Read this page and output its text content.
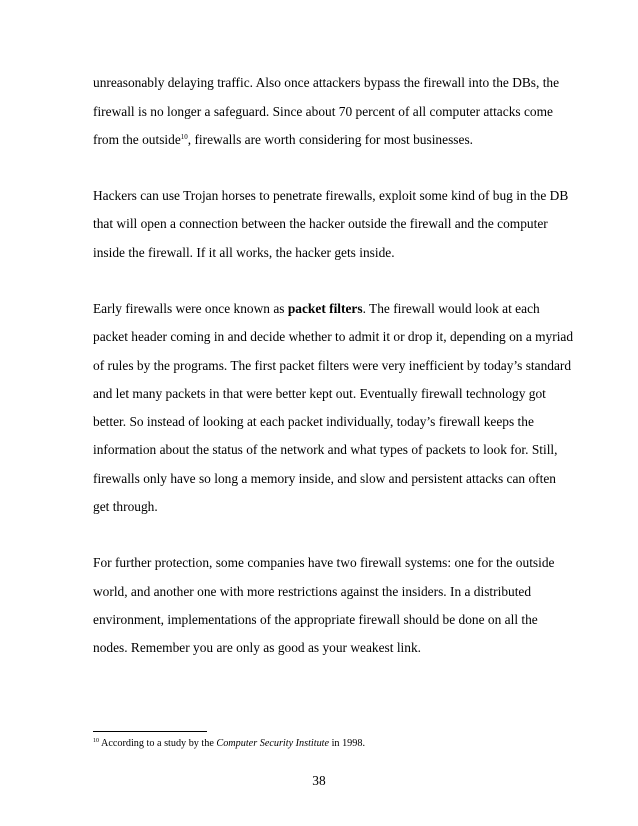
unreasonably delaying traffic. Also once attackers bypass the firewall into the DBs, the
firewall is no longer a safeguard. Since about 70 percent of all computer attacks come
from the outside$^{10}$, firewalls are worth considering for most businesses.
Hackers can use Trojan horses to penetrate firewalls, exploit some kind of bug in the DB
that will open a connection between the hacker outside the firewall and the computer
inside the firewall. If it all works, the hacker gets inside.
Early firewalls were once known as packet filters. The firewall would look at each
packet header coming in and decide whether to admit it or drop it, depending on a myriad
of rules by the programs. The first packet filters were very inefficient by today’s standard
and let many packets in that were better kept out. Eventually firewall technology got
better. So instead of looking at each packet individually, today’s firewall keeps the
information about the status of the network and what types of packets to look for. Still,
firewalls only have so long a memory inside, and slow and persistent attacks can often
get through.
For further protection, some companies have two firewall systems: one for the outside
world, and another one with more restrictions against the insiders. In a distributed
environment, implementations of the appropriate firewall should be done on all the
nodes. Remember you are only as good as your weakest link.
$^{10}$ According to a study by the Computer Security Institute in 1998.
38
